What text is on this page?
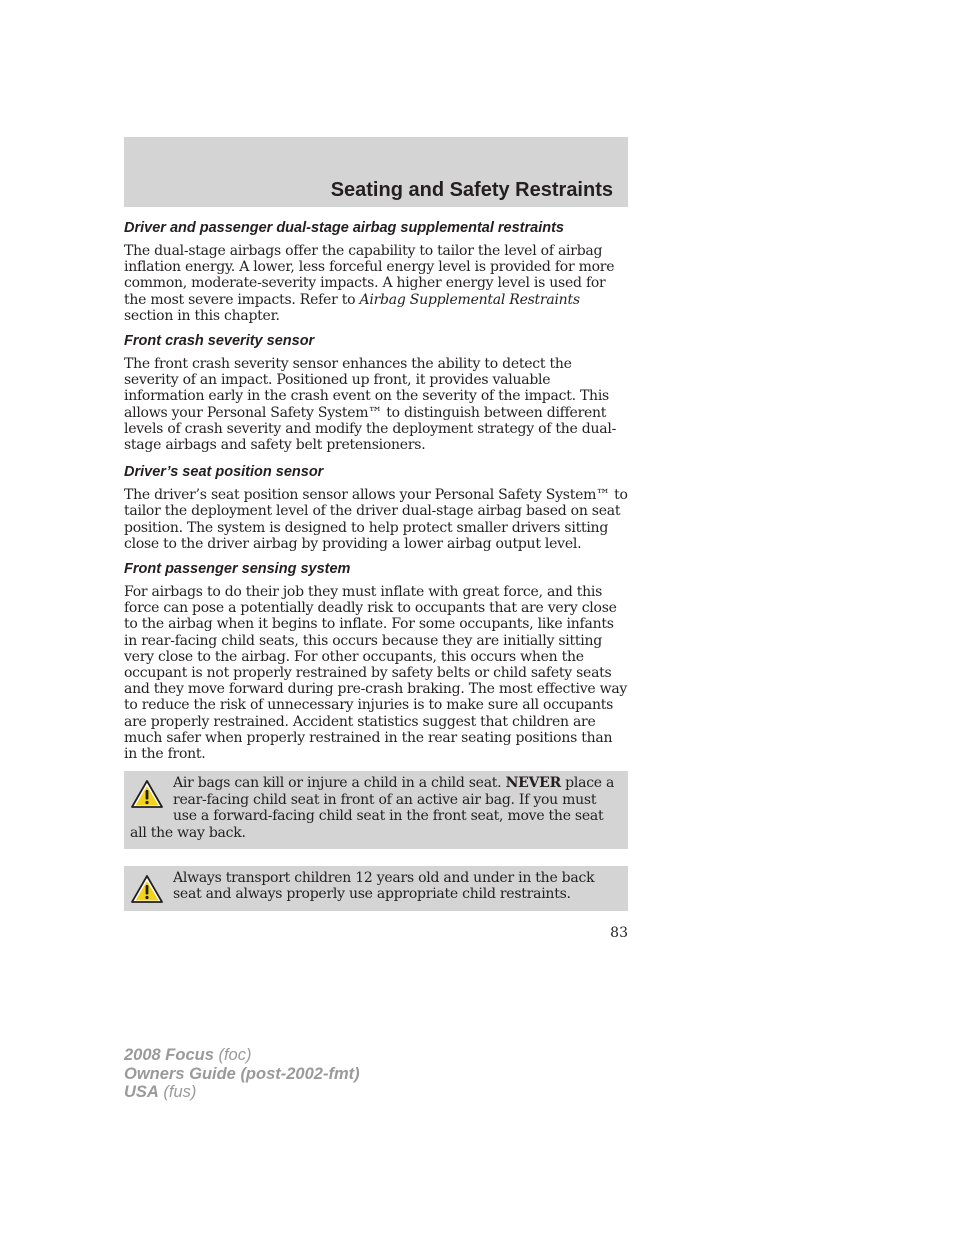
Seating and Safety Restraints
Driver and passenger dual-stage airbag supplemental restraints

The dual-stage airbags offer the capability to tailor the level of airbag inflation energy. A lower, less forceful energy level is provided for more common, moderate-severity impacts. A higher energy level is used for the most severe impacts. Refer to Airbag Supplemental Restraints section in this chapter.

Front crash severity sensor

The front crash severity sensor enhances the ability to detect the severity of an impact. Positioned up front, it provides valuable information early in the crash event on the severity of the impact. This allows your Personal Safety System™ to distinguish between different levels of crash severity and modify the deployment strategy of the dual-stage airbags and safety belt pretensioners.

Driver’s seat position sensor

The driver’s seat position sensor allows your Personal Safety System™ to tailor the deployment level of the driver dual-stage airbag based on seat position. The system is designed to help protect smaller drivers sitting close to the driver airbag by providing a lower airbag output level.

Front passenger sensing system

For airbags to do their job they must inflate with great force, and this force can pose a potentially deadly risk to occupants that are very close to the airbag when it begins to inflate. For some occupants, like infants in rear-facing child seats, this occurs because they are initially sitting very close to the airbag. For other occupants, this occurs when the occupant is not properly restrained by safety belts or child safety seats and they move forward during pre-crash braking. The most effective way to reduce the risk of unnecessary injuries is to make sure all occupants are properly restrained. Accident statistics suggest that children are much safer when properly restrained in the rear seating positions than in the front.

Air bags can kill or injure a child in a child seat. NEVER place a rear-facing child seat in front of an active air bag. If you must use a forward-facing child seat in the front seat, move the seat all the way back.
Always transport children 12 years old and under in the back seat and always properly use appropriate child restraints.
83
2008 Focus (foc)
Owners Guide (post-2002-fmt)
USA (fus)
